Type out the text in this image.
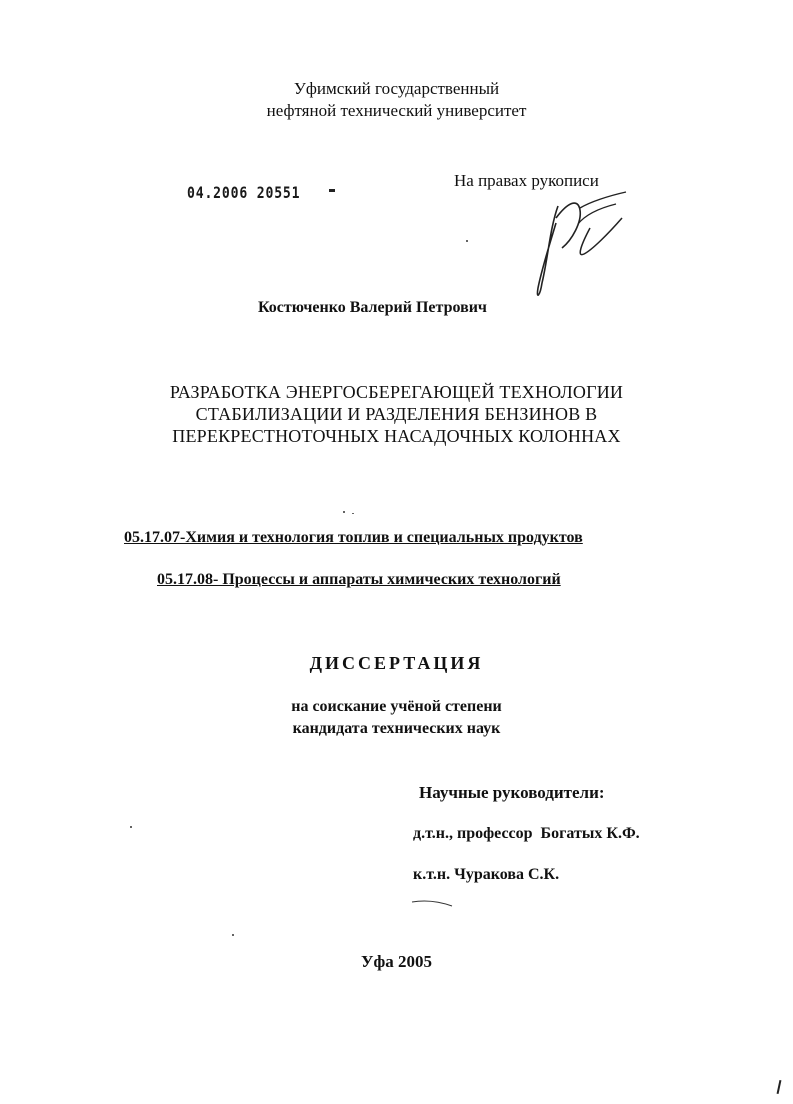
Уфимский государственный
нефтяной технический университет
04.2006 20551
На правах рукописи
Костюченко Валерий Петрович
РАЗРАБОТКА ЭНЕРГОСБЕРЕГАЮЩЕЙ ТЕХНОЛОГИИ
СТАБИЛИЗАЦИИ И РАЗДЕЛЕНИЯ БЕНЗИНОВ В
ПЕРЕКРЕСТНОТОЧНЫХ НАСАДОЧНЫХ КОЛОННАХ
05.17.07-Химия и технология топлив и специальных продуктов
05.17.08- Процессы и аппараты химических технологий
ДИССЕРТАЦИЯ
на соискание учёной степени
кандидата технических наук
Научные руководители:
д.т.н., профессор  Богатых К.Ф.
к.т.н. Чуракова С.К.
Уфа 2005
